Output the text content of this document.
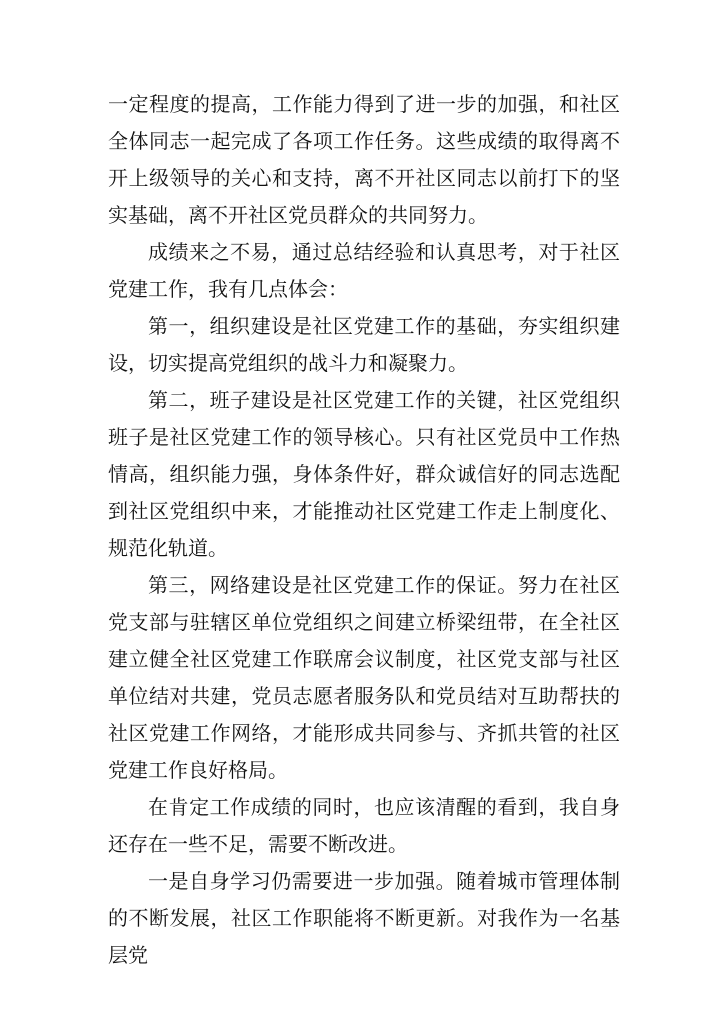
一定程度的提高，工作能力得到了进一步的加强，和社区全体同志一起完成了各项工作任务。这些成绩的取得离不开上级领导的关心和支持，离不开社区同志以前打下的坚实基础，离不开社区党员群众的共同努力。

成绩来之不易，通过总结经验和认真思考，对于社区党建工作，我有几点体会：

第一，组织建设是社区党建工作的基础，夯实组织建设，切实提高党组织的战斗力和凝聚力。

第二，班子建设是社区党建工作的关键，社区党组织班子是社区党建工作的领导核心。只有社区党员中工作热情高，组织能力强，身体条件好，群众诚信好的同志选配到社区党组织中来，才能推动社区党建工作走上制度化、规范化轨道。

第三，网络建设是社区党建工作的保证。努力在社区党支部与驻辖区单位党组织之间建立桥梁纽带，在全社区建立健全社区党建工作联席会议制度，社区党支部与社区单位结对共建，党员志愿者服务队和党员结对互助帮扶的社区党建工作网络，才能形成共同参与、齐抓共管的社区党建工作良好格局。

在肯定工作成绩的同时，也应该清醒的看到，我自身还存在一些不足，需要不断改进。

一是自身学习仍需要进一步加强。随着城市管理体制的不断发展，社区工作职能将不断更新。对我作为一名基层党
